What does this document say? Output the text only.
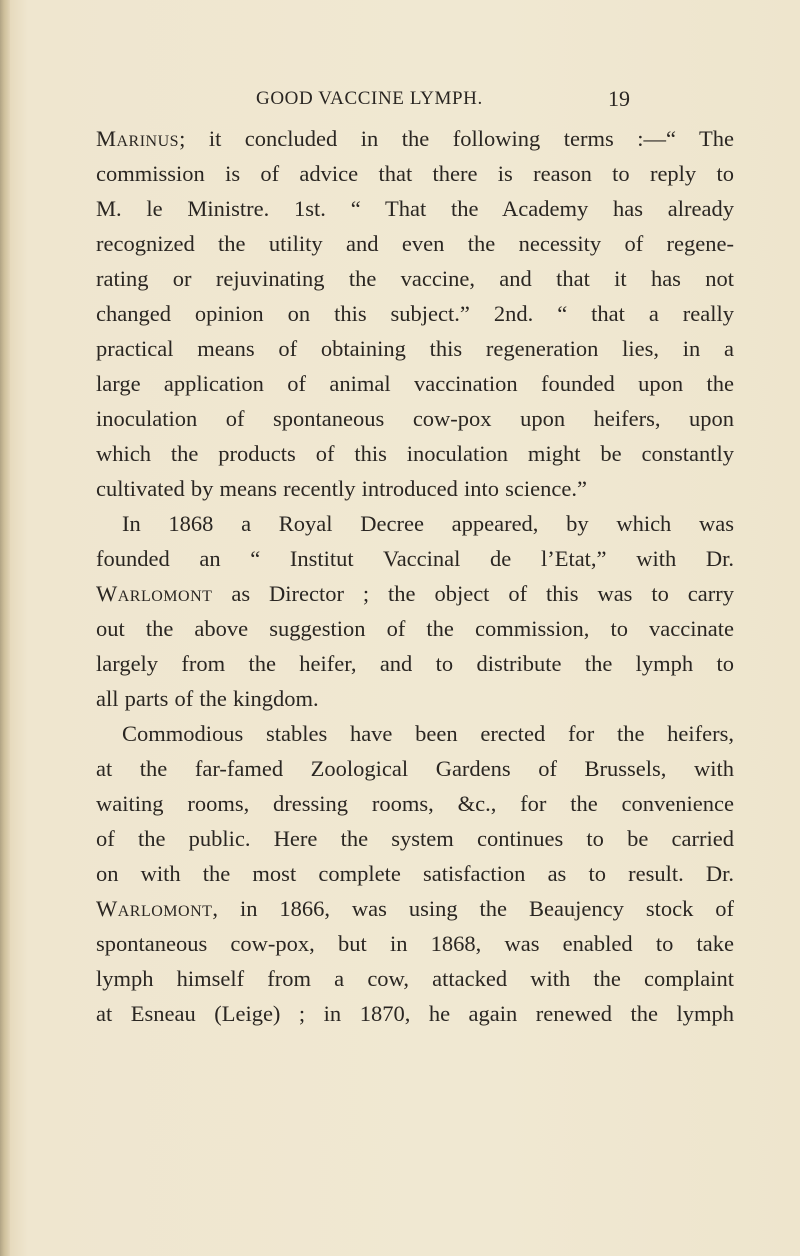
GOOD VACCINE LYMPH.	19
Marinus; it concluded in the following terms :—“ The
commission is of advice that there is reason to reply to
M. le Ministre. 1st. “ That the Academy has already
recognized the utility and even the necessity of regene-
rating or rejuvinating the vaccine, and that it has not
changed opinion on this subject.” 2nd. “ that a really
practical means of obtaining this regeneration lies, in a
large application of animal vaccination founded upon the
inoculation of spontaneous cow-pox upon heifers, upon
which the products of this inoculation might be constantly
cultivated by means recently introduced into science.”
In 1868 a Royal Decree appeared, by which was
founded an “ Institut Vaccinal de l’Etat,” with Dr.
Warlomont as Director ; the object of this was to carry
out the above suggestion of the commission, to vaccinate
largely from the heifer, and to distribute the lymph to
all parts of the kingdom.
Commodious stables have been erected for the heifers,
at the far-famed Zoological Gardens of Brussels, with
waiting rooms, dressing rooms, &c., for the convenience
of the public. Here the system continues to be carried
on with the most complete satisfaction as to result. Dr.
Warlomont, in 1866, was using the Beaujency stock of
spontaneous cow-pox, but in 1868, was enabled to take
lymph himself from a cow, attacked with the complaint
at Esneau (Leige) ; in 1870, he again renewed the lymph
